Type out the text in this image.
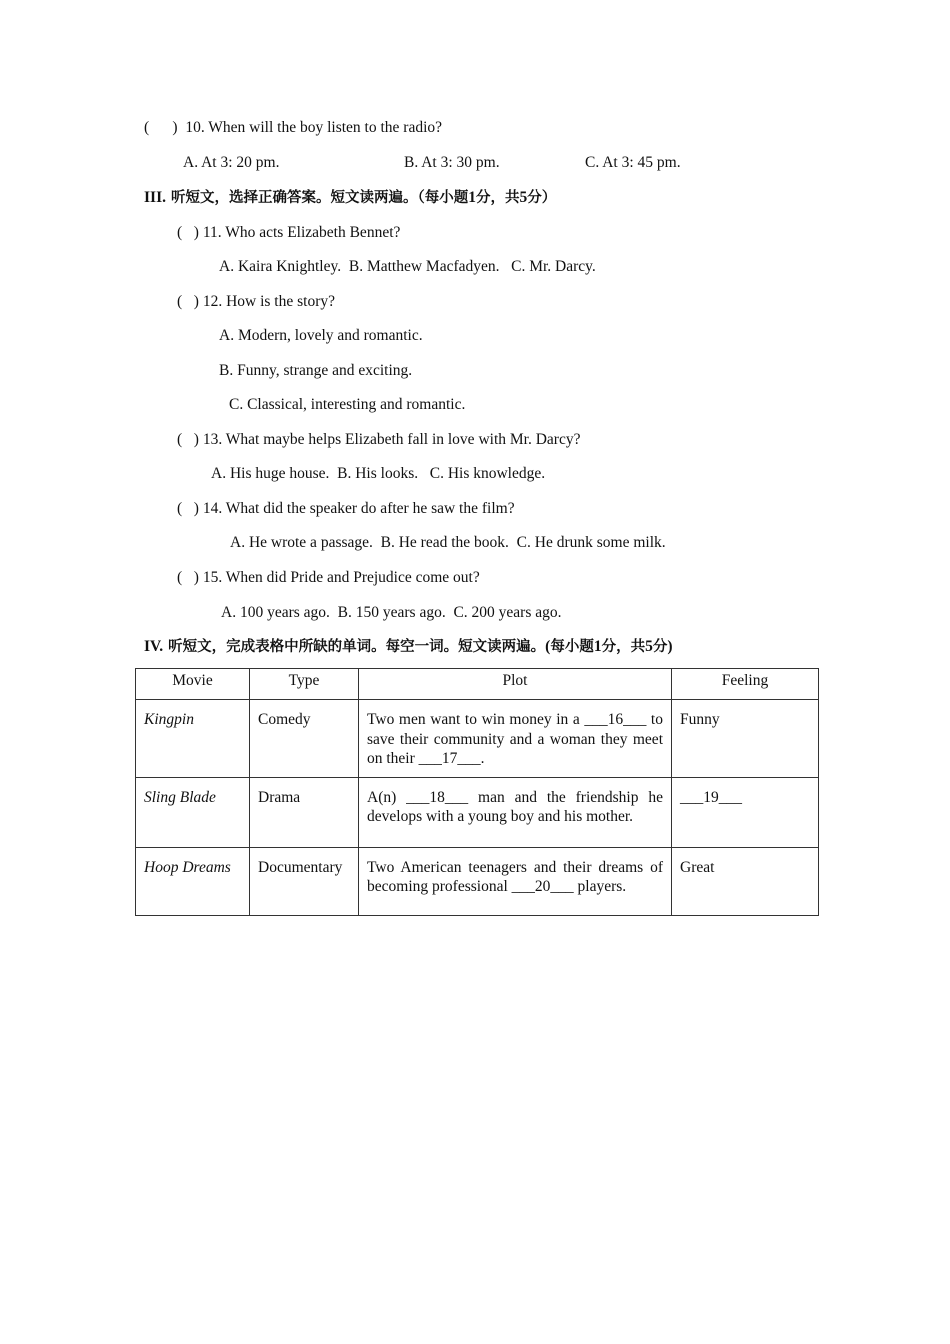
(      )  10. When will the boy listen to the radio?
A. At 3: 20 pm.	B. At 3: 30 pm.	C. At 3: 45 pm.
III. 听短文，选择正确答案。短文读两遍。（每小题1分，共5分）
(   ) 11. Who acts Elizabeth Bennet?
A. Kaira Knightley.  B. Matthew Macfadyen.   C. Mr. Darcy.
(   ) 12. How is the story?
A. Modern, lovely and romantic.
B. Funny, strange and exciting.
C. Classical, interesting and romantic.
(   ) 13. What maybe helps Elizabeth fall in love with Mr. Darcy?
A. His huge house.  B. His looks.   C. His knowledge.
(   ) 14. What did the speaker do after he saw the film?
A. He wrote a passage.  B. He read the book.  C. He drunk some milk.
(   ) 15. When did Pride and Prejudice come out?
A. 100 years ago.  B. 150 years ago.  C. 200 years ago.
IV. 听短文，完成表格中所缺的单词。每空一词。短文读两遍。(每小题1分，共5分)
Movie	Type	Plot	Feeling
Kingpin	Comedy	Two men want to win money in a ___16___ to save their community and a woman they meet on their ___17___.	Funny
Sling Blade	Drama	A(n) ___18___ man and the friendship he develops with a young boy and his mother.	___19___
Hoop Dreams	Documentary	Two American teenagers and their dreams of becoming professional ___20___ players.	Great
